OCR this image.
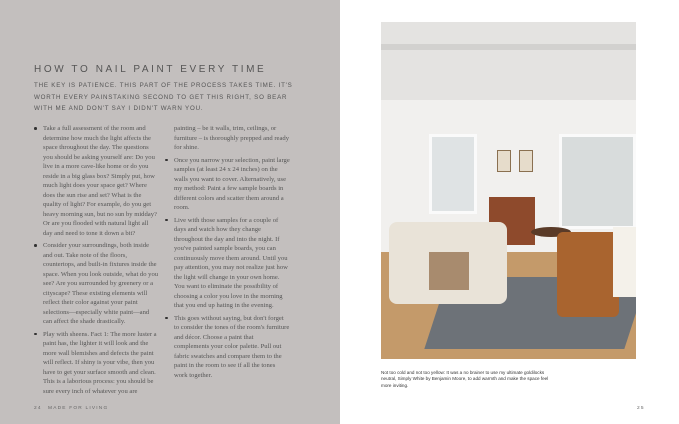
HOW TO NAIL PAINT EVERY TIME
THE KEY IS PATIENCE. THIS PART OF THE PROCESS TAKES TIME. IT'S WORTH EVERY PAINSTAKING SECOND TO GET THIS RIGHT, SO BEAR WITH ME AND DON'T SAY I DIDN'T WARN YOU.
Take a full assessment of the room and determine how much the light affects the space throughout the day. The questions you should be asking yourself are: Do you live in a more cave-like home or do you reside in a big glass box? Simply put, how much light does your space get? Where does the sun rise and set? What is the quality of light? For example, do you get heavy morning sun, but no sun by midday? Or are you flooded with natural light all day and need to tone it down a bit?
Consider your surroundings, both inside and out. Take note of the floors, countertops, and built-in fixtures inside the space. When you look outside, what do you see? Are you surrounded by greenery or a cityscape? These existing elements will reflect their color against your paint selections—especially white paint—and can affect the shade drastically.
Play with sheens. Fact 1: The more luster a paint has, the lighter it will look and the more wall blemishes and defects the paint will reflect. If shiny is your vibe, then you have to get your surface smooth and clean. This is a laborious process: you should be sure every inch of whatever you are
painting – be it walls, trim, ceilings, or furniture – is thoroughly prepped and ready for shine.
Once you narrow your selection, paint large samples (at least 24 x 24 inches) on the walls you want to cover. Alternatively, use my method: Paint a few sample boards in different colors and scatter them around a room.
Live with those samples for a couple of days and watch how they change throughout the day and into the night. If you've painted sample boards, you can continuously move them around. Until you pay attention, you may not realize just how the light will change in your own home. You want to eliminate the possibility of choosing a color you love in the morning that you end up hating in the evening.
This goes without saying, but don't forget to consider the tones of the room's furniture and décor. Choose a paint that complements your color palette. Pull out fabric swatches and compare them to the paint in the room to see if all the tones work together.
24 MADE FOR LIVING
Not too cold and not too yellow: It was a no brainer to use my ultimate goldilocks neutral, Simply White by Benjamin Moore, to add warmth and make the space feel more inviting.
25
